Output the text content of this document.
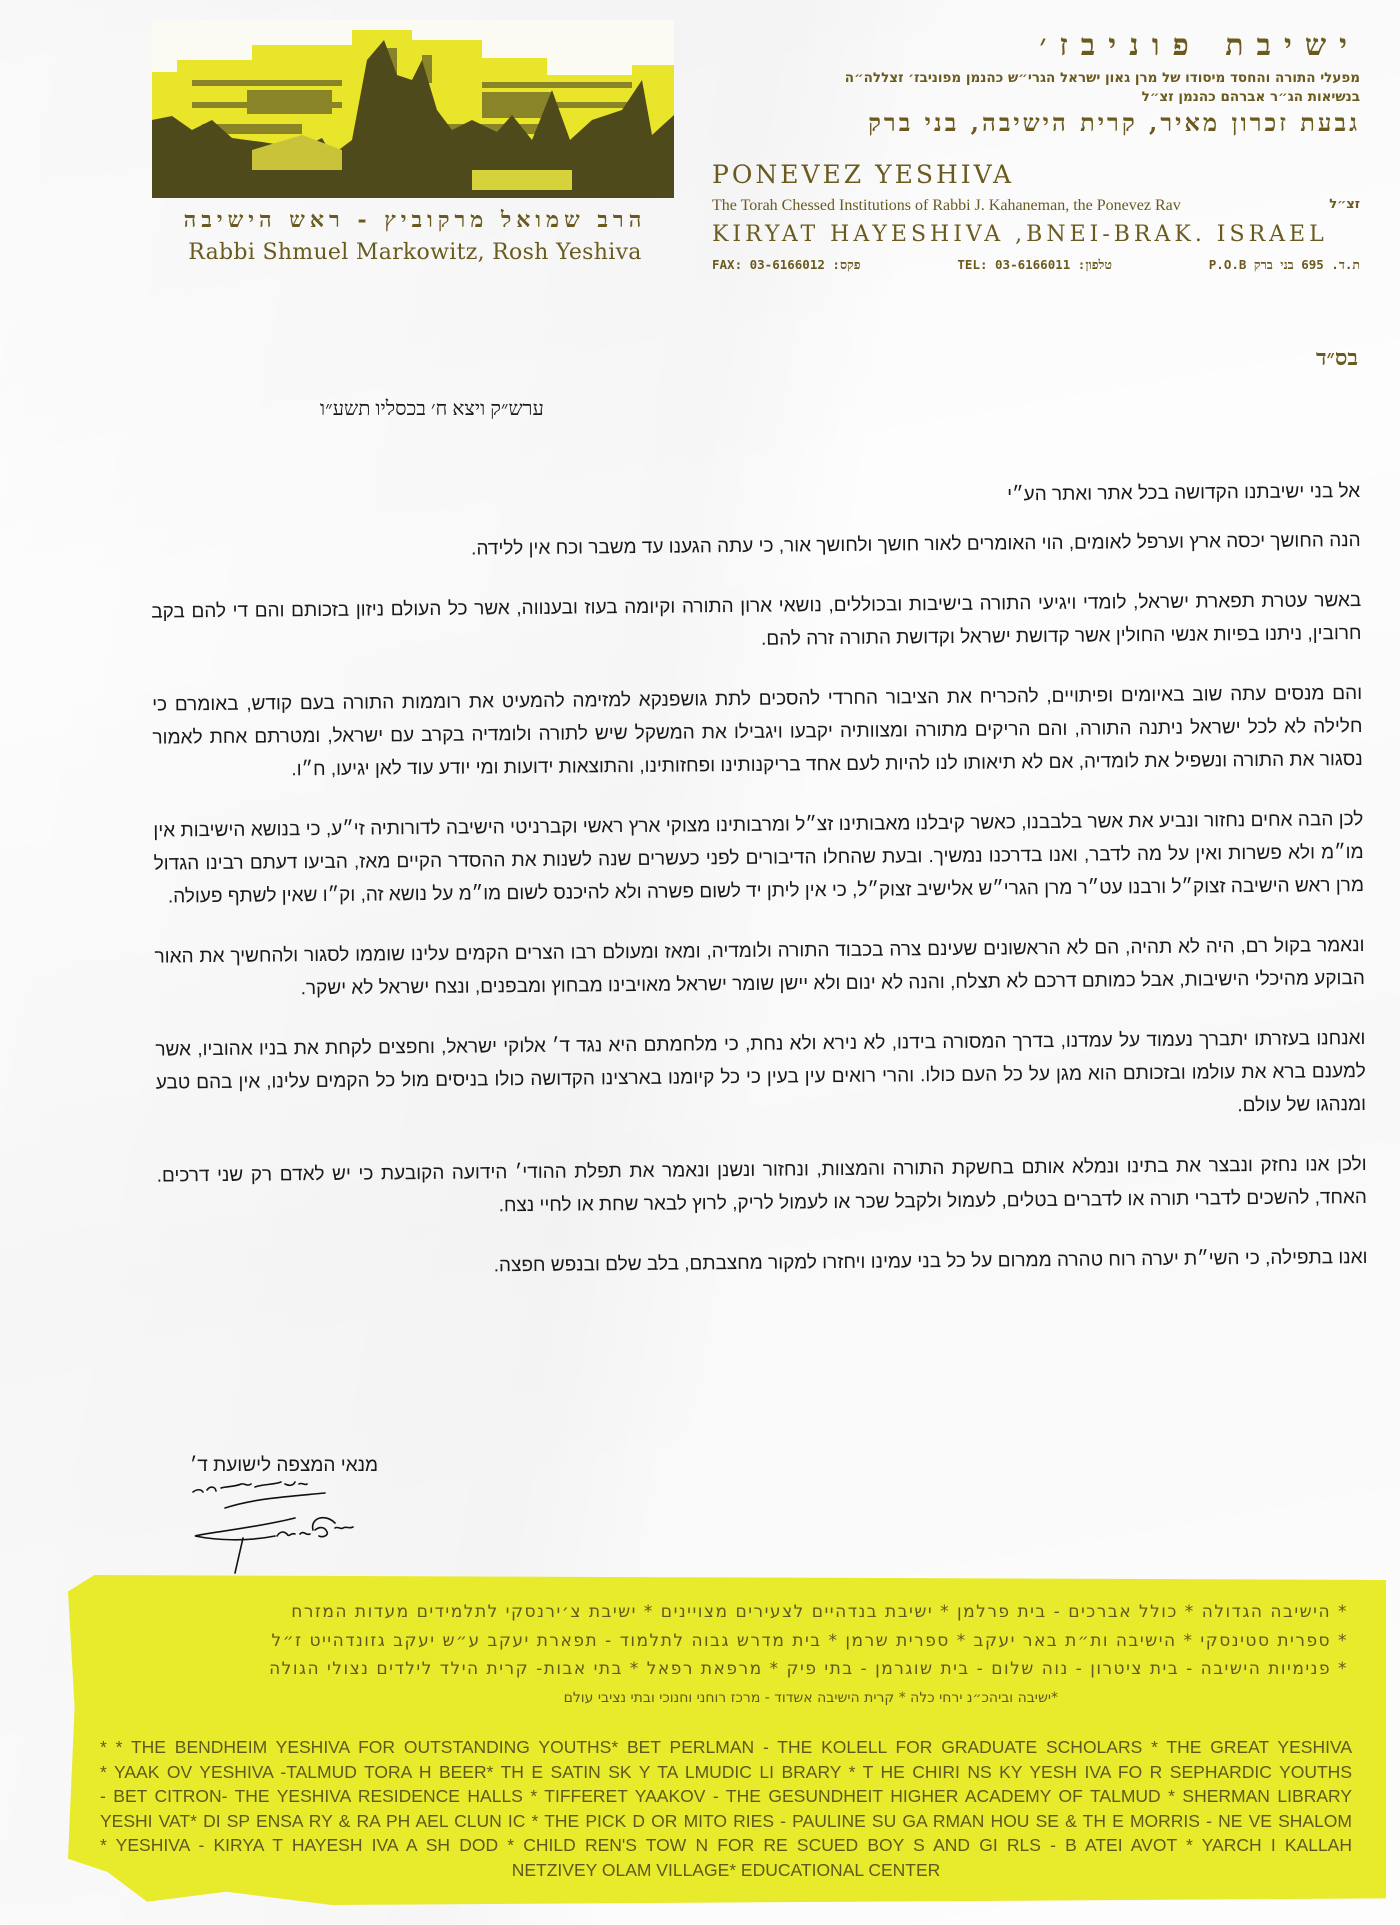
הרב שמואל מרקוביץ - ראש הישיבה
Rabbi Shmuel Markowitz, Rosh Yeshiva
ישיבת פוניבז׳
מפעלי התורה והחסד מיסודו של מרן גאון ישראל הגרי״ש כהנמן מפוניבז׳ זצללה״ה
בנשיאות הג״ר אברהם כהנמן זצ״ל
גבעת זכרון מאיר, קרית הישיבה, בני ברק
PONEVEZ YESHIVA
The Torah Chessed Institutions of Rabbi J. Kahaneman, the Ponevez Rav	זצ״ל
KIRYAT HAYESHIVA ,BNEI-BRAK. ISRAEL
FAX: 03-6166012 :פקס	TEL: 03-6166011 :טלפון	P.O.B ת.ד. 695 בני ברק
בס״ד
ערש״ק ויצא ח׳ בכסליו תשע״ו
אל בני ישיבתנו הקדושה בכל אתר ואתר הע״י

הנה החושך יכסה ארץ וערפל לאומים, הוי האומרים לאור חושך ולחושך אור, כי עתה הגענו עד משבר וכח אין ללידה.

באשר עטרת תפארת ישראל, לומדי ויגיעי התורה בישיבות ובכוללים, נושאי ארון התורה וקיומה בעוז ובענווה, אשר כל העולם ניזון בזכותם והם די להם בקב חרובין, ניתנו בפיות אנשי החולין אשר קדושת ישראל וקדושת התורה זרה להם.

והם מנסים עתה שוב באיומים ופיתויים, להכריח את הציבור החרדי להסכים לתת גושפנקא למזימה להמעיט את רוממות התורה בעם קודש, באומרם כי חלילה לא לכל ישראל ניתנה התורה, והם הריקים מתורה ומצוותיה יקבעו ויגבילו את המשקל שיש לתורה ולומדיה בקרב עם ישראל, ומטרתם אחת לאמור נסגור את התורה ונשפיל את לומדיה, אם לא תיאותו לנו להיות לעם אחד בריקנותינו ופחזותינו, והתוצאות ידועות ומי יודע עוד לאן יגיעו, ח״ו.

לכן הבה אחים נחזור ונביע את אשר בלבבנו, כאשר קיבלנו מאבותינו זצ״ל ומרבותינו מצוקי ארץ ראשי וקברניטי הישיבה לדורותיה זי״ע, כי בנושא הישיבות אין מו״מ ולא פשרות ואין על מה לדבר, ואנו בדרכנו נמשיך. ובעת שהחלו הדיבורים לפני כעשרים שנה לשנות את ההסדר הקיים מאז, הביעו דעתם רבינו הגדול מרן ראש הישיבה זצוק״ל ורבנו עט״ר מרן הגרי״ש אלישיב זצוק״ל, כי אין ליתן יד לשום פשרה ולא להיכנס לשום מו״מ על נושא זה, וק״ו שאין לשתף פעולה.

ונאמר בקול רם, היה לא תהיה, הם לא הראשונים שעינם צרה בכבוד התורה ולומדיה, ומאז ומעולם רבו הצרים הקמים עלינו שוממו לסגור ולהחשיך את האור הבוקע מהיכלי הישיבות, אבל כמותם דרכם לא תצלח, והנה לא ינום ולא יישן שומר ישראל מאויבינו מבחוץ ומבפנים, ונצח ישראל לא ישקר.

ואנחנו בעזרתו יתברך נעמוד על עמדנו, בדרך המסורה בידנו, לא נירא ולא נחת, כי מלחמתם היא נגד ד׳ אלוקי ישראל, וחפצים לקחת את בניו אהוביו, אשר למענם ברא את עולמו ובזכותם הוא מגן על כל העם כולו. והרי רואים עין בעין כי כל קיומנו בארצינו הקדושה כולו בניסים מול כל הקמים עלינו, אין בהם טבע ומנהגו של עולם.

ולכן אנו נחזק ונבצר את בתינו ונמלא אותם בחשקת התורה והמצוות, ונחזור ונשנן ונאמר את תפלת ההודי׳ הידועה הקובעת כי יש לאדם רק שני דרכים. האחד, להשכים לדברי תורה או לדברים בטלים, לעמול ולקבל שכר או לעמול לריק, לרוץ לבאר שחת או לחיי נצח.

ואנו בתפילה, כי השי״ת יערה רוח טהרה ממרום על כל בני עמינו ויחזרו למקור מחצבתם, בלב שלם ובנפש חפצה.

מנאי המצפה לישועת ד׳
* הישיבה הגדולה * כולל אברכים - בית פרלמן * ישיבת בנדהיים לצעירים מצויינים * ישיבת צ׳ירנסקי לתלמידים מעדות המזרח
* ספרית סטינסקי * הישיבה ות״ת באר יעקב * ספרית שרמן * בית מדרש גבוה לתלמוד - תפארת יעקב ע״ש יעקב גזונדהייט ז״ל
* פנימיות הישיבה - בית ציטרון - נוה שלום - בית שוגרמן - בתי פיק * מרפאת רפאל * בתי אבות- קרית הילד לילדים נצולי הגולה
*ישיבה וביהכ״נ ירחי כלה * קרית הישיבה אשדוד - מרכז רוחני וחנוכי ובתי נציבי עולם
* * THE BENDHEIM YESHIVA FOR OUTSTANDING YOUTHS* BET PERLMAN - THE KOLELL FOR GRADUATE SCHOLARS * THE GREAT YESHIVA
* YAAK OV YESHIVA -TALMUD TORA H BEER* TH E SATIN SK Y TA LMUDIC LI BRARY * T HE CHIRI NS KY YESH IVA FO R SEPHARDIC YOUTHS
- BET CITRON- THE YESHIVA RESIDENCE HALLS * TIFFERET YAAKOV - THE GESUNDHEIT HIGHER ACADEMY OF TALMUD * SHERMAN LIBRARY
YESHI VAT* DI SP ENSA RY & RA PH AEL CLUN IC * THE PICK D OR MITO RIES - PAULINE SU GA RMAN HOU SE & TH E MORRIS - NE VE SHALOM
* YESHIVA - KIRYA T HAYESH IVA A SH DOD * CHILD REN'S TOW N FOR RE SCUED BOY S AND GI RLS - B ATEI AVOT * YARCH I KALLAH
NETZIVEY OLAM VILLAGE* EDUCATIONAL CENTER
